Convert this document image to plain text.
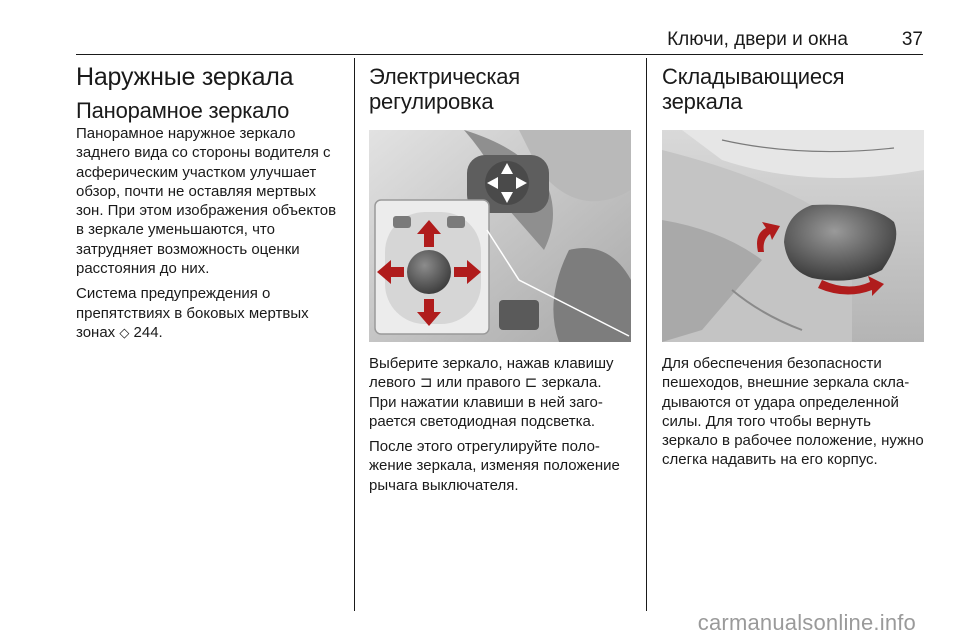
Ключи, двери и окна	37
Наружные зеркала
Панорамное зеркало

Панорамное наружное зеркало заднего вида со стороны водителя с асферическим участком улучшает обзор, почти не оставляя мертвых зон. При этом изображения объектов в зеркале уменьшаются, что затрудняет возможность оценки расстояния до них.

Система предупреждения о препятствиях в боковых мертвых зонах ◇ 244.

Электрическая регулировка

Выберите зеркало, нажав клавишу левого ⊐ или правого ⊏ зеркала. При нажатии клавиши в ней загорается светодиодная подсветка.

После этого отрегулируйте положение зеркала, изменяя положение рычага выключателя.

Складывающиеся зеркала

Для обеспечения безопасности пешеходов, внешние зеркала складываются от удара определенной силы. Для того чтобы вернуть зеркало в рабочее положение, нужно слегка надавить на его корпус.

carmanualsonline.info
